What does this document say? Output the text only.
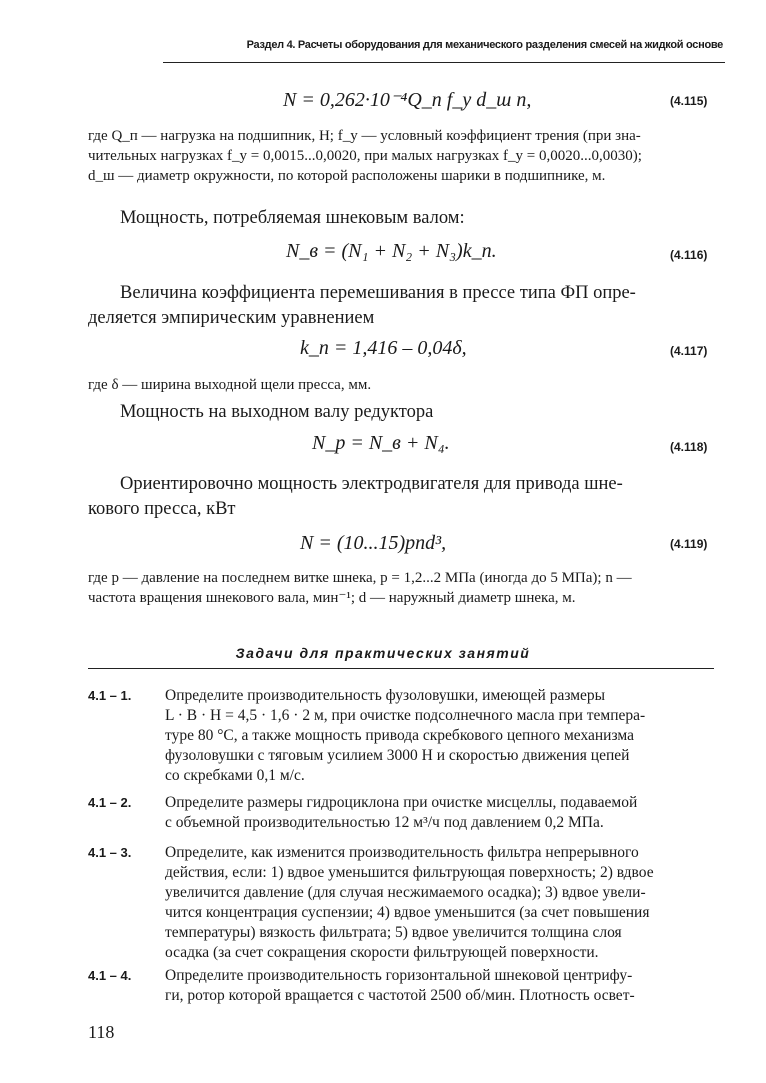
Раздел 4. Расчеты оборудования для механического разделения смесей на жидкой основе
N = 0,262·10⁻⁴Q_п f_у d_ш n,	(4.115)
где Q_п — нагрузка на подшипник, Н; f_у — условный коэффициент трения (при зна-
чительных нагрузках f_у = 0,0015...0,0020, при малых нагрузках f_у = 0,0020...0,0030);
d_ш — диаметр окружности, по которой расположены шарики в подшипнике, м.
Мощность, потребляемая шнековым валом:
N_в = (N₁ + N₂ + N₃)k_п.	(4.116)
Величина коэффициента перемешивания в прессе типа ФП опре-
деляется эмпирическим уравнением
k_п = 1,416 – 0,04δ,	(4.117)
где δ — ширина выходной щели пресса, мм.
Мощность на выходном валу редуктора
N_р = N_в + N₄.	(4.118)
Ориентировочно мощность электродвигателя для привода шне-
кового пресса, кВт
N = (10...15)pnd³,	(4.119)
где p — давление на последнем витке шнека, p = 1,2...2 МПа (иногда до 5 МПа); n —
частота вращения шнекового вала, мин⁻¹; d — наружный диаметр шнека, м.
Задачи для практических занятий
4.1 – 1. Определите производительность фузоловушки, имеющей размеры
L · B · H = 4,5 · 1,6 · 2 м, при очистке подсолнечного масла при темпера-
туре 80 °С, а также мощность привода скребкового цепного механизма
фузоловушки с тяговым усилием 3000 Н и скоростью движения цепей
со скребками 0,1 м/с.
4.1 – 2. Определите размеры гидроциклона при очистке мисцеллы, подаваемой
с объемной производительностью 12 м³/ч под давлением 0,2 МПа.
4.1 – 3. Определите, как изменится производительность фильтра непрерывного
действия, если: 1) вдвое уменьшится фильтрующая поверхность; 2) вдвое
увеличится давление (для случая несжимаемого осадка); 3) вдвое увели-
чится концентрация суспензии; 4) вдвое уменьшится (за счет повышения
температуры) вязкость фильтрата; 5) вдвое увеличится толщина слоя
осадка (за счет сокращения скорости фильтрующей поверхности.
4.1 – 4. Определите производительность горизонтальной шнековой центрифу-
ги, ротор которой вращается с частотой 2500 об/мин. Плотность освет-
118
